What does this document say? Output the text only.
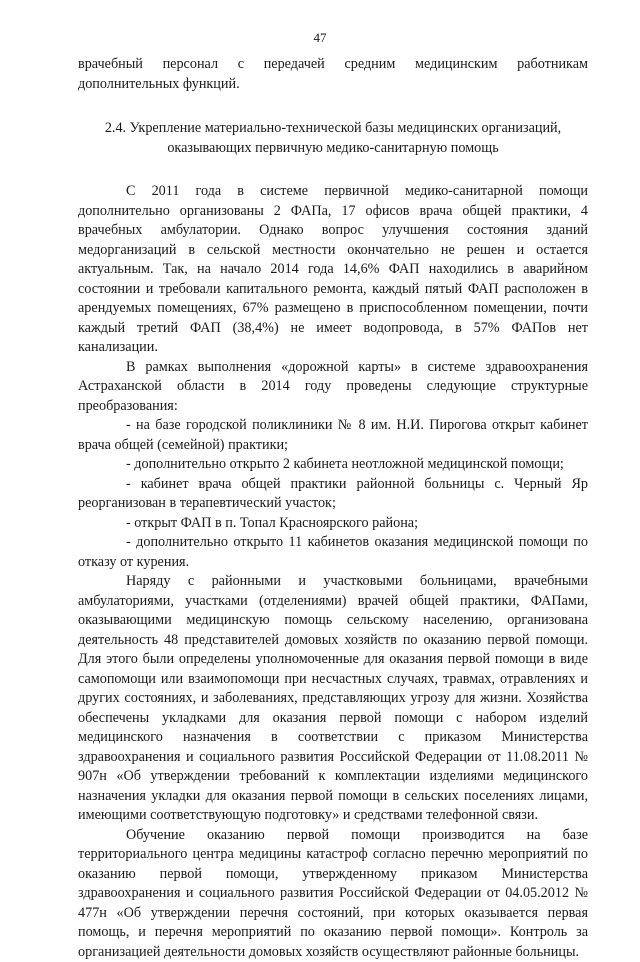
47

врачебный персонал с передачей средним медицинским работникам дополнительных функций.

2.4. Укрепление материально-технической базы медицинских организаций, оказывающих первичную медико-санитарную помощь

С 2011 года в системе первичной медико-санитарной помощи дополнительно организованы 2 ФАПа, 17 офисов врача общей практики, 4 врачебных амбулатории. Однако вопрос улучшения состояния зданий медорганизаций в сельской местности окончательно не решен и остается актуальным. Так, на начало 2014 года 14,6% ФАП находились в аварийном состоянии и требовали капитального ремонта, каждый пятый ФАП расположен в арендуемых помещениях, 67% размещено в приспособленном помещении, почти каждый третий ФАП (38,4%) не имеет водопровода, в 57% ФАПов нет канализации.

В рамках выполнения «дорожной карты» в системе здравоохранения Астраханской области в 2014 году проведены следующие структурные преобразования:

- на базе городской поликлиники № 8 им. Н.И. Пирогова открыт кабинет врача общей (семейной) практики;

- дополнительно открыто 2 кабинета неотложной медицинской помощи;

- кабинет врача общей практики районной больницы с. Черный Яр реорганизован в терапевтический участок;

- открыт ФАП в п. Топал Красноярского района;

- дополнительно открыто 11 кабинетов оказания медицинской помощи по отказу от курения.

Наряду с районными и участковыми больницами, врачебными амбулаториями, участками (отделениями) врачей общей практики, ФАПами, оказывающими медицинскую помощь сельскому населению, организована деятельность 48 представителей домовых хозяйств по оказанию первой помощи. Для этого были определены уполномоченные для оказания первой помощи в виде самопомощи или взаимопомощи при несчастных случаях, травмах, отравлениях и других состояниях, и заболеваниях, представляющих угрозу для жизни. Хозяйства обеспечены укладками для оказания первой помощи с набором изделий медицинского назначения в соответствии с приказом Министерства здравоохранения и социального развития Российской Федерации от 11.08.2011 № 907н «Об утверждении требований к комплектации изделиями медицинского назначения укладки для оказания первой помощи в сельских поселениях лицами, имеющими соответствующую подготовку» и средствами телефонной связи.

Обучение оказанию первой помощи производится на базе территориального центра медицины катастроф согласно перечню мероприятий по оказанию первой помощи, утвержденному приказом Министерства здравоохранения и социального развития Российской Федерации от 04.05.2012 № 477н «Об утверждении перечня состояний, при которых оказывается первая помощь, и перечня мероприятий по оказанию первой помощи». Контроль за организацией деятельности домовых хозяйств осуществляют районные больницы.
